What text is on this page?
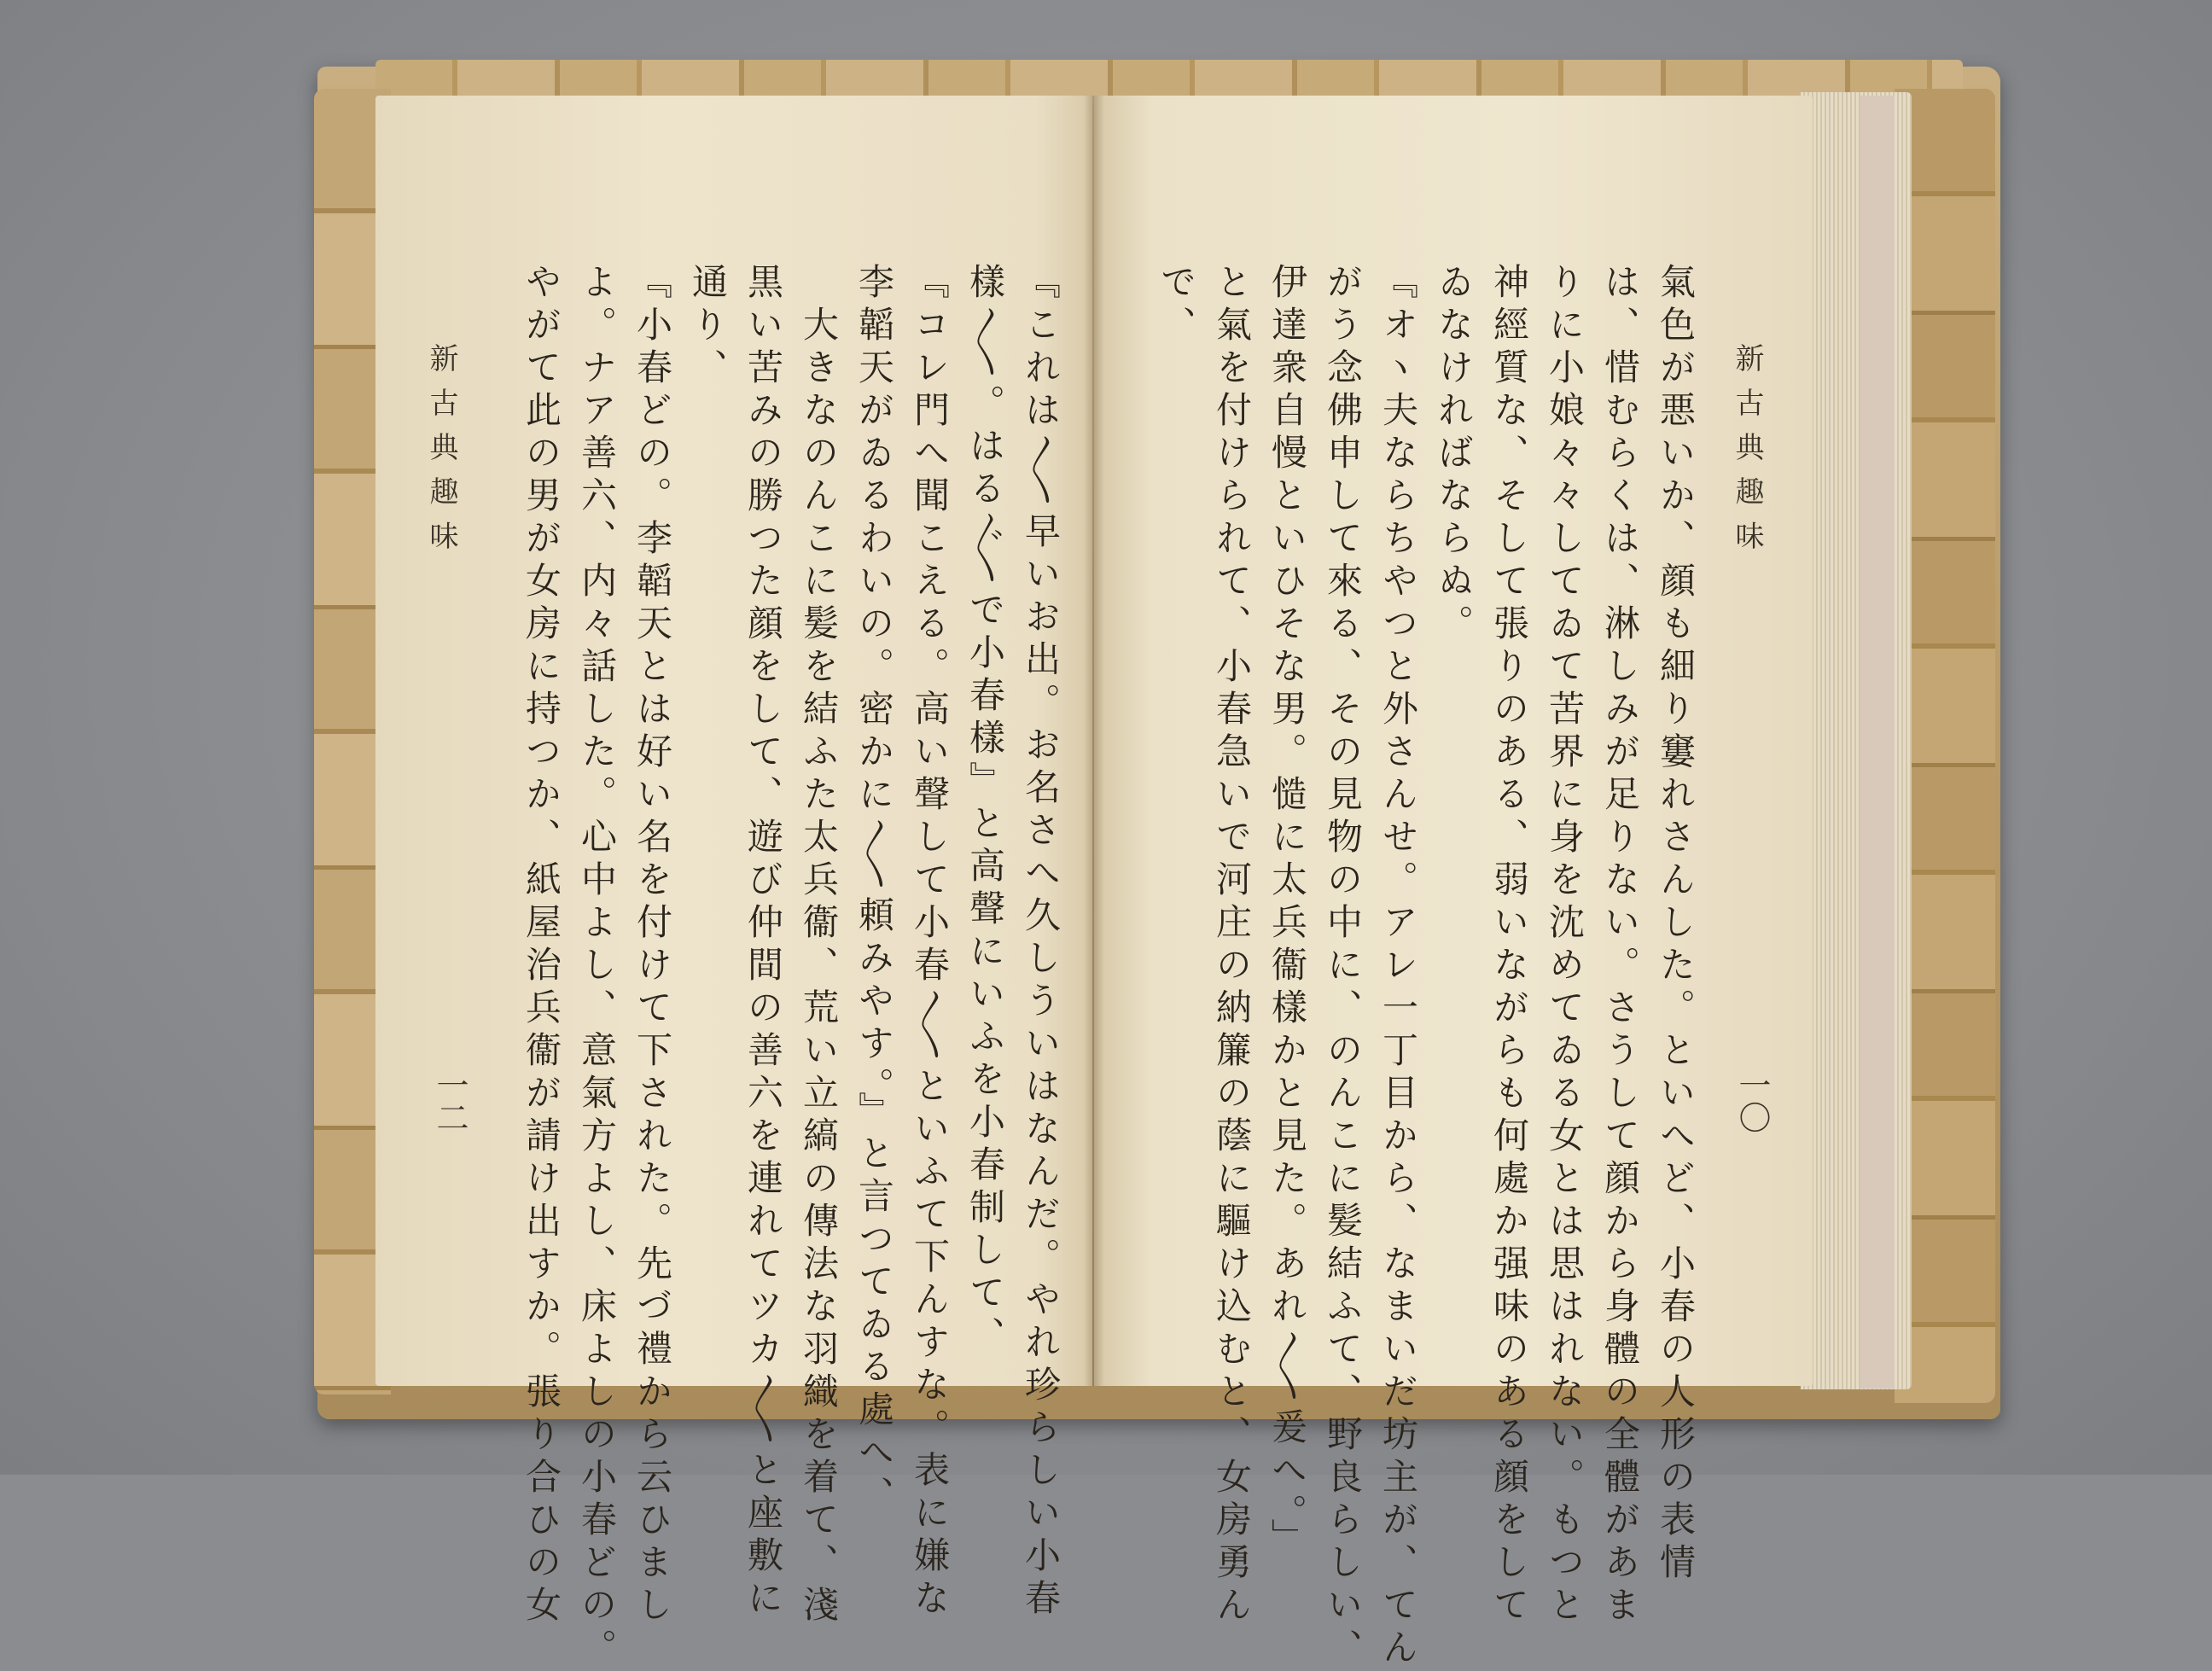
新古典趣味
一二	『これは〳〵早いお出。お名さへ久しういはなんだ。やれ珍らしい小春
樣〳〵。はる〴〵で小春樣』と高聲にいふを小春制して、
『コレ門へ聞こえる。高い聲して小春〳〵といふて下んすな。表に嫌な
李韜天がゐるわいの。密かに〳〵頼みやす。』と言つてゐる處へ、
大きなのんこに髪を結ふた太兵衞、荒い立縞の傳法な羽織を着て、淺
黒い苦みの勝つた顔をして、遊び仲間の善六を連れてツカ〳〵と座敷に
通り、
『小春どの。李韜天とは好い名を付けて下された。先づ禮から云ひまし
よ。ナア善六、内々話した。心中よし、意氣方よし、床よしの小春どの。
やがて此の男が女房に持つか、紙屋治兵衞が請け出すか。張り合ひの女	新古典趣味
一〇
氣色が悪いか、顔も細り窶れさんした。といへど、小春の人形の表情
は、惜むらくは、淋しみが足りない。さうして顔から身體の全體があま
りに小娘々々してゐて苦界に身を沈めてゐる女とは思はれない。もつと
神經質な、そして張りのある、弱いながらも何處か强味のある顔をして
ゐなければならぬ。
『オヽ夫ならちやつと外さんせ。アレ一丁目から、なまいだ坊主が、てん
がう念佛申して來る、その見物の中に、のんこに髪結ふて、野良らしい、
伊達衆自慢といひそな男。慥に太兵衞樣かと見た。あれ〳〵爰へ。」
と氣を付けられて、小春急いで河庄の納簾の蔭に驅け込むと、女房勇ん
で、
